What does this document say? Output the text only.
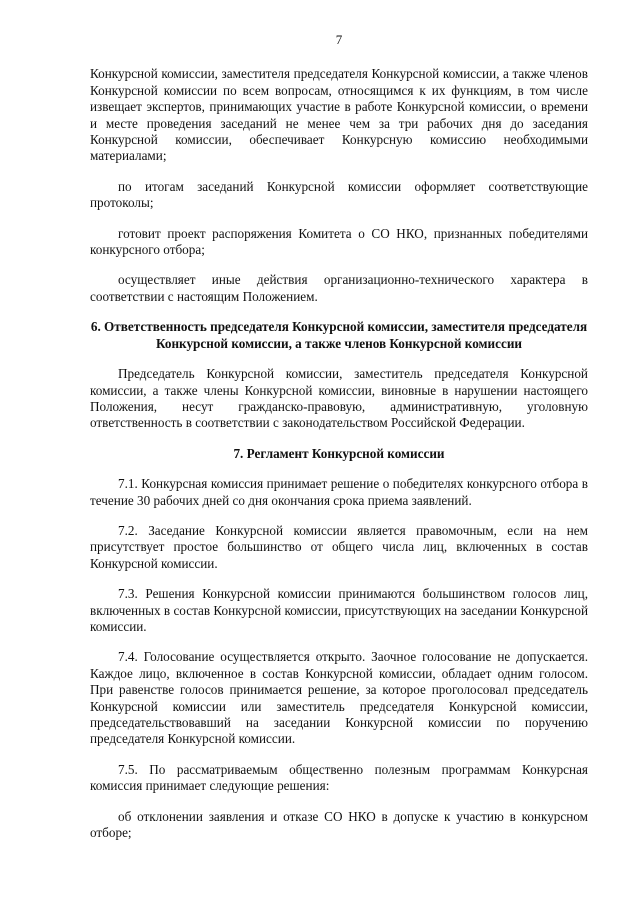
7

Конкурсной комиссии, заместителя председателя Конкурсной комиссии, а также членов Конкурсной комиссии по всем вопросам, относящимся к их функциям, в том числе извещает экспертов, принимающих участие в работе Конкурсной комиссии, о времени и месте проведения заседаний не менее чем за три рабочих дня до заседания Конкурсной комиссии, обеспечивает Конкурсную комиссию необходимыми материалами;

по итогам заседаний Конкурсной комиссии оформляет соответствующие протоколы;

готовит проект распоряжения Комитета о СО НКО, признанных победителями конкурсного отбора;

осуществляет иные действия организационно-технического характера в соответствии с настоящим Положением.

6. Ответственность председателя Конкурсной комиссии, заместителя председателя Конкурсной комиссии, а также членов Конкурсной комиссии

Председатель Конкурсной комиссии, заместитель председателя Конкурсной комиссии, а также члены Конкурсной комиссии, виновные в нарушении настоящего Положения, несут гражданско-правовую, административную, уголовную ответственность в соответствии с законодательством Российской Федерации.

7. Регламент Конкурсной комиссии

7.1. Конкурсная комиссия принимает решение о победителях конкурсного отбора в течение 30 рабочих дней со дня окончания срока приема заявлений.

7.2. Заседание Конкурсной комиссии является правомочным, если на нем присутствует простое большинство от общего числа лиц, включенных в состав Конкурсной комиссии.

7.3. Решения Конкурсной комиссии принимаются большинством голосов лиц, включенных в состав Конкурсной комиссии, присутствующих на заседании Конкурсной комиссии.

7.4. Голосование осуществляется открыто. Заочное голосование не допускается. Каждое лицо, включенное в состав Конкурсной комиссии, обладает одним голосом. При равенстве голосов принимается решение, за которое проголосовал председатель Конкурсной комиссии или заместитель председателя Конкурсной комиссии, председательствовавший на заседании Конкурсной комиссии по поручению председателя Конкурсной комиссии.

7.5. По рассматриваемым общественно полезным программам Конкурсная комиссия принимает следующие решения:

об отклонении заявления и отказе СО НКО в допуске к участию в конкурсном отборе;
